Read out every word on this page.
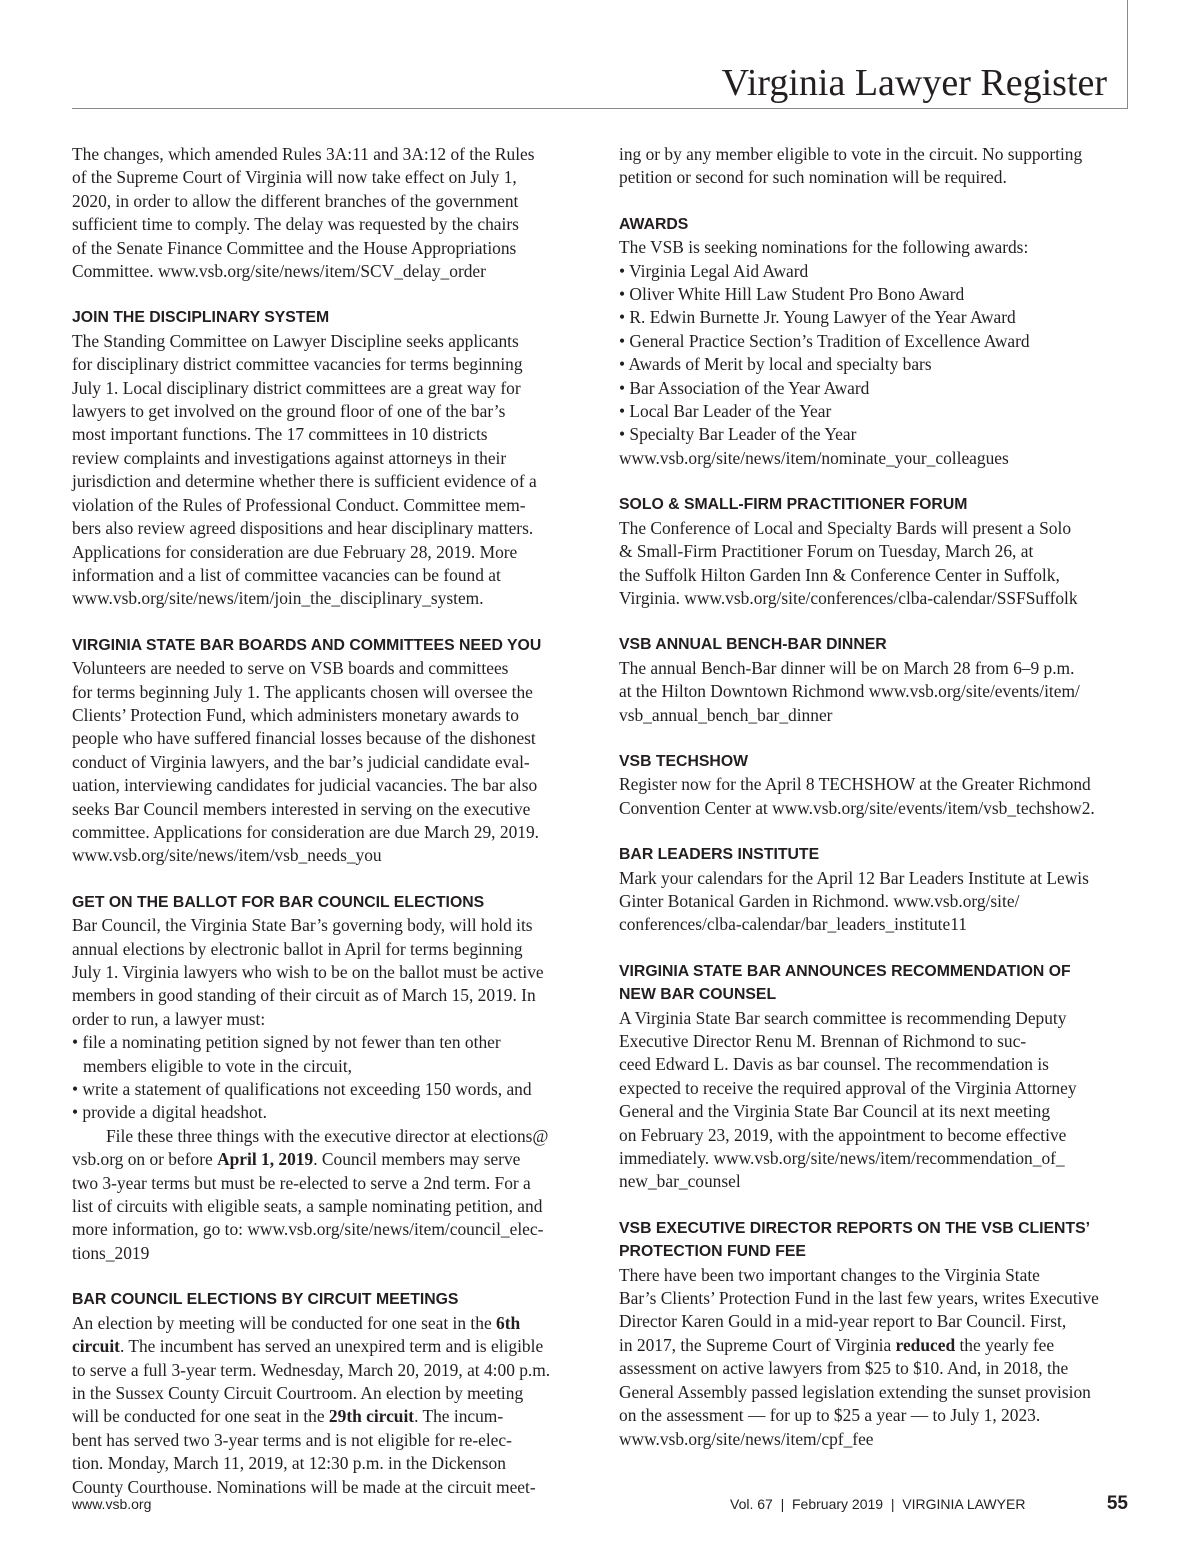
Virginia Lawyer Register

The changes, which amended Rules 3A:11 and 3A:12 of the Rules
of the Supreme Court of Virginia will now take effect on July 1,
2020, in order to allow the different branches of the government
sufficient time to comply. The delay was requested by the chairs
of the Senate Finance Committee and the House Appropriations
Committee. www.vsb.org/site/news/item/SCV_delay_order

JOIN THE DISCIPLINARY SYSTEM

The Standing Committee on Lawyer Discipline seeks applicants
for disciplinary district committee vacancies for terms beginning
July 1. Local disciplinary district committees are a great way for
lawyers to get involved on the ground floor of one of the bar’s
most important functions. The 17 committees in 10 districts
review complaints and investigations against attorneys in their
jurisdiction and determine whether there is sufficient evidence of a
violation of the Rules of Professional Conduct. Committee mem-
bers also review agreed dispositions and hear disciplinary matters.
Applications for consideration are due February 28, 2019. More
information and a list of committee vacancies can be found at
www.vsb.org/site/news/item/join_the_disciplinary_system.

VIRGINIA STATE BAR BOARDS AND COMMITTEES NEED YOU

Volunteers are needed to serve on VSB boards and committees
for terms beginning July 1. The applicants chosen will oversee the
Clients’ Protection Fund, which administers monetary awards to
people who have suffered financial losses because of the dishonest
conduct of Virginia lawyers, and the bar’s judicial candidate eval-
uation, interviewing candidates for judicial vacancies. The bar also
seeks Bar Council members interested in serving on the executive
committee. Applications for consideration are due March 29, 2019.
www.vsb.org/site/news/item/vsb_needs_you

GET ON THE BALLOT FOR BAR COUNCIL ELECTIONS

Bar Council, the Virginia State Bar’s governing body, will hold its
annual elections by electronic ballot in April for terms beginning
July 1. Virginia lawyers who wish to be on the ballot must be active
members in good standing of their circuit as of March 15, 2019. In
order to run, a lawyer must:

• file a nominating petition signed by not fewer than ten other
members eligible to vote in the circuit,
• write a statement of qualifications not exceeding 150 words, and
• provide a digital headshot.

File these three things with the executive director at elections@
vsb.org on or before April 1, 2019. Council members may serve
two 3-year terms but must be re-elected to serve a 2nd term. For a
list of circuits with eligible seats, a sample nominating petition, and
more information, go to: www.vsb.org/site/news/item/council_elec-
tions_2019

BAR COUNCIL ELECTIONS BY CIRCUIT MEETINGS

An election by meeting will be conducted for one seat in the 6th
circuit. The incumbent has served an unexpired term and is eligible
to serve a full 3-year term. Wednesday, March 20, 2019, at 4:00 p.m.
in the Sussex County Circuit Courtroom. An election by meeting
will be conducted for one seat in the 29th circuit. The incum-
bent has served two 3-year terms and is not eligible for re-elec-
tion. Monday, March 11, 2019, at 12:30 p.m. in the Dickenson
County Courthouse. Nominations will be made at the circuit meet-

ing or by any member eligible to vote in the circuit. No supporting
petition or second for such nomination will be required.

AWARDS

The VSB is seeking nominations for the following awards:

• Virginia Legal Aid Award
• Oliver White Hill Law Student Pro Bono Award
• R. Edwin Burnette Jr. Young Lawyer of the Year Award
• General Practice Section’s Tradition of Excellence Award
• Awards of Merit by local and specialty bars
• Bar Association of the Year Award
• Local Bar Leader of the Year
• Specialty Bar Leader of the Year

www.vsb.org/site/news/item/nominate_your_colleagues

SOLO & SMALL-FIRM PRACTITIONER FORUM

The Conference of Local and Specialty Bards will present a Solo
& Small-Firm Practitioner Forum on Tuesday, March 26, at
the Suffolk Hilton Garden Inn & Conference Center in Suffolk,
Virginia. www.vsb.org/site/conferences/clba-calendar/SSFSuffolk

VSB ANNUAL BENCH-BAR DINNER

The annual Bench-Bar dinner will be on March 28 from 6–9 p.m.
at the Hilton Downtown Richmond www.vsb.org/site/events/item/
vsb_annual_bench_bar_dinner

VSB TECHSHOW

Register now for the April 8 TECHSHOW at the Greater Richmond
Convention Center at www.vsb.org/site/events/item/vsb_techshow2.

BAR LEADERS INSTITUTE

Mark your calendars for the April 12 Bar Leaders Institute at Lewis
Ginter Botanical Garden in Richmond. www.vsb.org/site/
conferences/clba-calendar/bar_leaders_institute11

VIRGINIA STATE BAR ANNOUNCES RECOMMENDATION OF
NEW BAR COUNSEL

A Virginia State Bar search committee is recommending Deputy
Executive Director Renu M. Brennan of Richmond to suc-
ceed Edward L. Davis as bar counsel. The recommendation is
expected to receive the required approval of the Virginia Attorney
General and the Virginia State Bar Council at its next meeting
on February 23, 2019, with the appointment to become effective
immediately. www.vsb.org/site/news/item/recommendation_of_
new_bar_counsel

VSB EXECUTIVE DIRECTOR REPORTS ON THE VSB CLIENTS’
PROTECTION FUND FEE

There have been two important changes to the Virginia State
Bar’s Clients’ Protection Fund in the last few years, writes Executive
Director Karen Gould in a mid-year report to Bar Council. First,
in 2017, the Supreme Court of Virginia reduced the yearly fee
assessment on active lawyers from $25 to $10. And, in 2018, the
General Assembly passed legislation extending the sunset provision
on the assessment — for up to $25 a year — to July 1, 2023.
www.vsb.org/site/news/item/cpf_fee

www.vsb.org	Vol. 67  |  February 2019  |  VIRGINIA LAWYER	55
